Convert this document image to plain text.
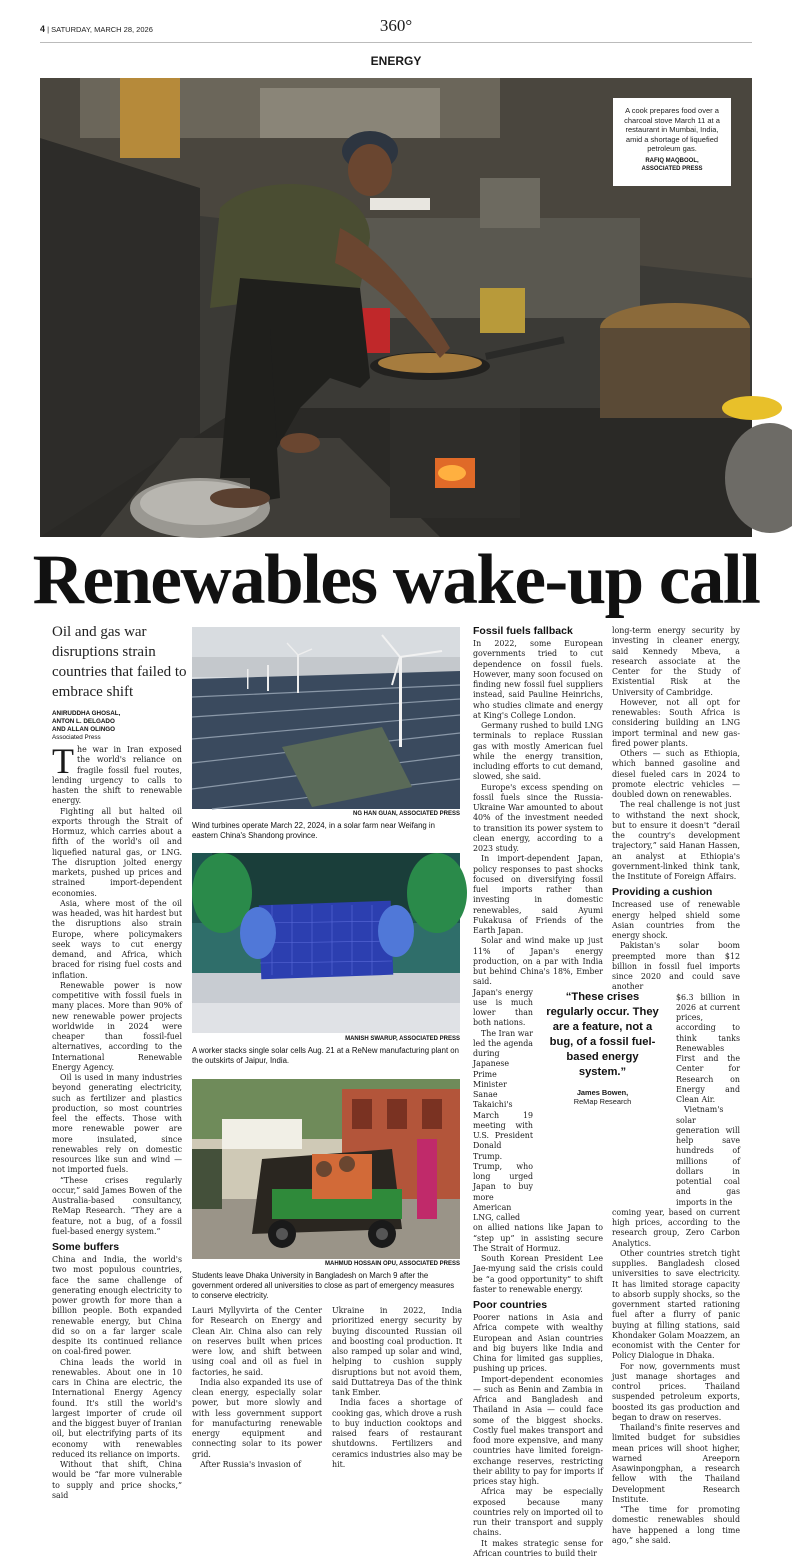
4 | SATURDAY, MARCH 28, 2026	360°
ENERGY
A cook prepares food over a charcoal stove March 11 at a restaurant in Mumbai, India, amid a shortage of liquefied petroleum gas.
RAFIQ MAQBOOL,
ASSOCIATED PRESS
Renewables wake-up call
Oil and gas war disruptions strain countries that failed to embrace shift
ANIRUDDHA GHOSAL,
ANTON L. DELGADO
AND ALLAN OLINGO
Associated Press

The war in Iran exposed the world's reliance on fragile fossil fuel routes, lending urgency to calls to hasten the shift to renewable energy.

Fighting all but halted oil exports through the Strait of Hormuz, which carries about a fifth of the world's oil and liquefied natural gas, or LNG. The disruption jolted energy markets, pushed up prices and strained import-dependent economies.

Asia, where most of the oil was headed, was hit hardest but the disruptions also strain Europe, where policymakers seek ways to cut energy demand, and Africa, which braced for rising fuel costs and inflation.

Renewable power is now competitive with fossil fuels in many places. More than 90% of new renewable power projects worldwide in 2024 were cheaper than fossil-fuel alternatives, according to the International Renewable Energy Agency.

Oil is used in many industries beyond generating electricity, such as fertilizer and plastics production, so most countries feel the effects. Those with more renewable power are more insulated, since renewables rely on domestic resources like sun and wind — not imported fuels.

“These crises regularly occur,” said James Bowen of the Australia-based consultancy, ReMap Research. “They are a feature, not a bug, of a fossil fuel-based energy system.”

Some buffers

China and India, the world's two most populous countries, face the same challenge of generating enough electricity to power growth for more than a billion people. Both expanded renewable energy, but China did so on a far larger scale despite its continued reliance on coal-fired power.

China leads the world in renewables. About one in 10 cars in China are electric, the International Energy Agency found. It's still the world's largest importer of crude oil and the biggest buyer of Iranian oil, but electrifying parts of its economy with renewables reduced its reliance on imports.

Without that shift, China would be “far more vulnerable to supply and price shocks,” said

NG HAN GUAN, ASSOCIATED PRESS
Wind turbines operate March 22, 2024, in a solar farm near Weifang in eastern China's Shandong province.
MANISH SWARUP, ASSOCIATED PRESS
A worker stacks single solar cells Aug. 21 at a ReNew manufacturing plant on the outskirts of Jaipur, India.
MAHMUD HOSSAIN OPU, ASSOCIATED PRESS
Students leave Dhaka University in Bangladesh on March 9 after the government ordered all universities to close as part of emergency measures to conserve electricity.

Lauri Myllyvirta of the Center for Research on Energy and Clean Air. China also can rely on reserves built when prices were low, and shift between using coal and oil as fuel in factories, he said.

India also expanded its use of clean energy, especially solar power, but more slowly and with less government support for manufacturing renewable energy equipment and connecting solar to its power grid.

After Russia's invasion of

Ukraine in 2022, India prioritized energy security by buying discounted Russian oil and boosting coal production. It also ramped up solar and wind, helping to cushion supply disruptions but not avoid them, said Duttatreya Das of the think tank Ember.

India faces a shortage of cooking gas, which drove a rush to buy induction cooktops and raised fears of restaurant shutdowns. Fertilizers and ceramics industries also may be hit.

Fossil fuels fallback

In 2022, some European governments tried to cut dependence on fossil fuels. However, many soon focused on finding new fossil fuel suppliers instead, said Pauline Heinrichs, who studies climate and energy at King's College London.

Germany rushed to build LNG terminals to replace Russian gas with mostly American fuel while the energy transition, including efforts to cut demand, slowed, she said.

Europe's excess spending on fossil fuels since the Russia-Ukraine War amounted to about 40% of the investment needed to transition its power system to clean energy, according to a 2023 study.

In import-dependent Japan, policy responses to past shocks focused on diversifying fossil fuel imports rather than investing in domestic renewables, said Ayumi Fukakusa of Friends of the Earth Japan.

Solar and wind make up just 11% of Japan's energy production, on a par with India but behind China's 18%, Ember said.

Japan's energy use is much lower than both nations.

The Iran war led the agenda during Japanese Prime Minister Sanae Takaichi's March 19 meeting with U.S. President Donald Trump. Trump, who long urged Japan to buy more American LNG, called

on allied nations like Japan to “step up” in assisting secure The Strait of Hormuz.

South Korean President Lee Jae-myung said the crisis could be “a good opportunity” to shift faster to renewable energy.

Poor countries

Poorer nations in Asia and Africa compete with wealthy European and Asian countries and big buyers like India and China for limited gas supplies, pushing up prices.

Import-dependent economies — such as Benin and Zambia in Africa and Bangladesh and Thailand in Asia — could face some of the biggest shocks. Costly fuel makes transport and food more expensive, and many countries have limited foreign-exchange reserves, restricting their ability to pay for imports if prices stay high.

Africa may be especially exposed because many countries rely on imported oil to run their transport and supply chains.

It makes strategic sense for African countries to build their

“These crises regularly occur. They are a feature, not a bug, of a fossil fuel-based energy system.”
James Bowen,
ReMap Research

long-term energy security by investing in cleaner energy, said Kennedy Mbeva, a research associate at the Center for the Study of Existential Risk at the University of Cambridge.

However, not all opt for renewables: South Africa is considering building an LNG import terminal and new gas-fired power plants.

Others — such as Ethiopia, which banned gasoline and diesel fueled cars in 2024 to promote electric vehicles — doubled down on renewables.

The real challenge is not just to withstand the next shock, but to ensure it doesn't “derail the country's development trajectory,” said Hanan Hassen, an analyst at Ethiopia's government-linked think tank, the Institute of Foreign Affairs.

Providing a cushion

Increased use of renewable energy helped shield some Asian countries from the energy shock.

Pakistan's solar boom preempted more than $12 billion in fossil fuel imports since 2020 and could save another

$6.3 billion in 2026 at current prices, according to think tanks Renewables First and the Center for Research on Energy and Clean Air.

Vietnam's solar generation will help save hundreds of millions of dollars in potential coal and gas imports in the

coming year, based on current high prices, according to the research group, Zero Carbon Analytics.

Other countries stretch tight supplies. Bangladesh closed universities to save electricity. It has limited storage capacity to absorb supply shocks, so the government started rationing fuel after a flurry of panic buying at filling stations, said Khondaker Golam Moazzem, an economist with the Center for Policy Dialogue in Dhaka.

For now, governments must just manage shortages and control prices. Thailand suspended petroleum exports, boosted its gas production and began to draw on reserves.

Thailand's finite reserves and limited budget for subsidies mean prices will shoot higher, warned Areeporn Asawinpongphan, a research fellow with the Thailand Development Research Institute.

“The time for promoting domestic renewables should have happened a long time ago,” she said.
